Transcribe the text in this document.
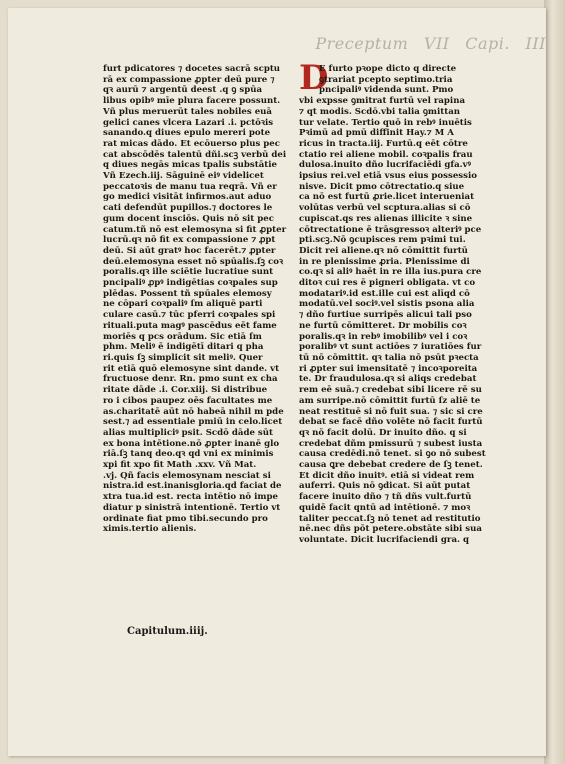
Preceptum VII Capi. III

furt pdicatores ⁊ docetes sacrā scptu

rā ex compassione ꝓpter deū pure ⁊

qꝛ aurū ⁊ argentū deest .q ꝯ spūa

libus opibꝰ mīe plura facere possunt.

Vñ plus meruerūt tales nobiles euā

gelici canes vlcera Lazari .i. pctōꝛis

sanando.q diues epulo mereri pote

rat micas dādo. Et ecōuerso plus pec

cat abscōdēs talentū dñi.scꝫ verbū dei

q diues negās micas tpalis substātie

Vñ Ezech.iij. Sāguinē eiꝰ videlicet

peccatoꝛis de manu tua reqrā. Vñ er

go medici visitāt infirmos.aut aduo

cati defendūt pupillos.⁊ doctores le

gum docent insciōs. Quis nō sit pec

catum.tñ nō est elemosyna si fit ꝓpter

lucrū.qꝛ nō fit ex compassione ⁊ ꝓpt

deū. Si aūt gratꝰ hoc facerēt.⁊ ꝓpter

deū.elemosyna esset nō spūalis.ſꝫ coꝛ

poralis.qꝛ ille sciētie lucratiue sunt

pncipaliꝰ ꝓpꝰ indigētias coꝛpales sup

plēdas. Possent tñ spūales elemosy

ne cōpari coꝛpaliꝰ ſm aliquē parti

culare casū.⁊ tūc pferri coꝛpales spi

rituali.puta magꝰ pascēdus eēt fame

moriēs q pcs orādum. Sic etiā ſm

phm. Meliꝰ ē indigētī ditari q pha

ri.quis ſꝫ simplicit sit meliꝰ. Quer

rit etiā quō elemosyne sint dande. vt

fructuose denr. Rn. pmo sunt ex cha

ritate dāde .i. Cor.xiij. Si distribue

ro i cibos paupez oēs facultates me

as.charitatē aūt nō habeā nihil m pde

sest.⁊ ad essentiale pmiū in celo.licet

alias multipliciꝰ psit. Scdō dāde sūt

ex bona intētione.nō ꝓpter inanē glo

riā.ſꝫ tanq deo.qꝛ qd vni ex minimis

xpi fit xpo fit Math .xxv. Vñ Mat.

.vj. Qñ facis elemosynam nesciat si

nistra.id est.inanisgloria.qd faciat de

xtra tua.id est. recta intētio nō impe

diatur p sinistrā intentionē. Tertio vt

ordinate fiat pmo tibi.secundo pro

ximis.tertio alienis.

Capitulum.iiij.
D

E furto pꝛope dicto q directe

ꝯtrariat pcepto septimo.tria

pncipaliꝰ videnda sunt. Pmo

vbi expsse ꝯmitrat furtū vel rapina

⁊ qt modis. Scdō.vbi talia ꝯmittan

tur velate. Tertio quō in rebꝰ inuētis

Pꝛimū ad pmū diffinit Hay.⁊ M A

ricus in tracta.iij. Furtū.q eēt cōtre

ctatio rei aliene mobil. coꝛpalis frau

dulosa.inuito dño lucrifaciēdi gfa.vꝰ

ipsius rei.vel etiā vsus eius possessio

nisve. Dicit pmo cōtrectatio.q siue

ca nō est furtū ꝓrie.licet interueniat

volūtas verbū vel scptura.alias si cō

cupiscat.qs res alienas illicite ꝛ sine

cōtrectatione ē trāsgressoꝛ alteriꝰ pce

pti.scꝫ.Nō ꝯcupisces rem pꝛimi tui.

Dicit rei aliene.qꝛ nō cōmittit furtū

in re plenissime ꝓria. Plenissime di

co.qꝛ si aliꝰ haēt in re illa ius.pura cre

ditoꝛ cui res ē pigneri obligata. vt co

modatariꝰ.id est.ille cui est alīqd cō

modatū.vel sociꝰ.vel sistis psona alia

⁊ dño furtiue surripēs alicui tali pso

ne furtū cōmitteret. Dr mobilis coꝛ

poralis.qꝛ in rebꝰ imobilibꝰ vel i coꝛ

poralibꝰ vt sunt actiōes ⁊ iuratiōes fur

tū nō cōmittit. qꝛ talia nō psūt pꝛecta

ri ꝓpter sui imensitatē ⁊ incoꝛporeita

te. Dr fraudulosa.qꝛ si aliqs credebat

rem eē suā.⁊ credebat sibi licere rē su

am surripe.nō cōmittit furtū ſz aliē te

neat restituē si nō fuit sua. ⁊ sic si cre

debat se facē dño volēte nō facit furtū

qꝛ nō facit dolū. Dr inuito dño. q si

credebat dñm pmissurū ⁊ subest iusta

causa credēdi.nō tenet. si ꝯo nō subest

causa ꝗre debebat credere de ſꝫ tenet.

Et dicit dño inuitꝰ. etiā si videat rem

auferri. Quis nō ꝯdicat. Si aūt putat

facere inuito dño ⁊ tñ dñs vult.furtū

quidē facit qntū ad intētionē. ⁊ moꝛ

taliter peccat.ſꝫ nō tenet ad restitutio

nē.nec dñs pōt petere.obstāte sibi sua

voluntate. Dicit lucrifaciendi gra. q
